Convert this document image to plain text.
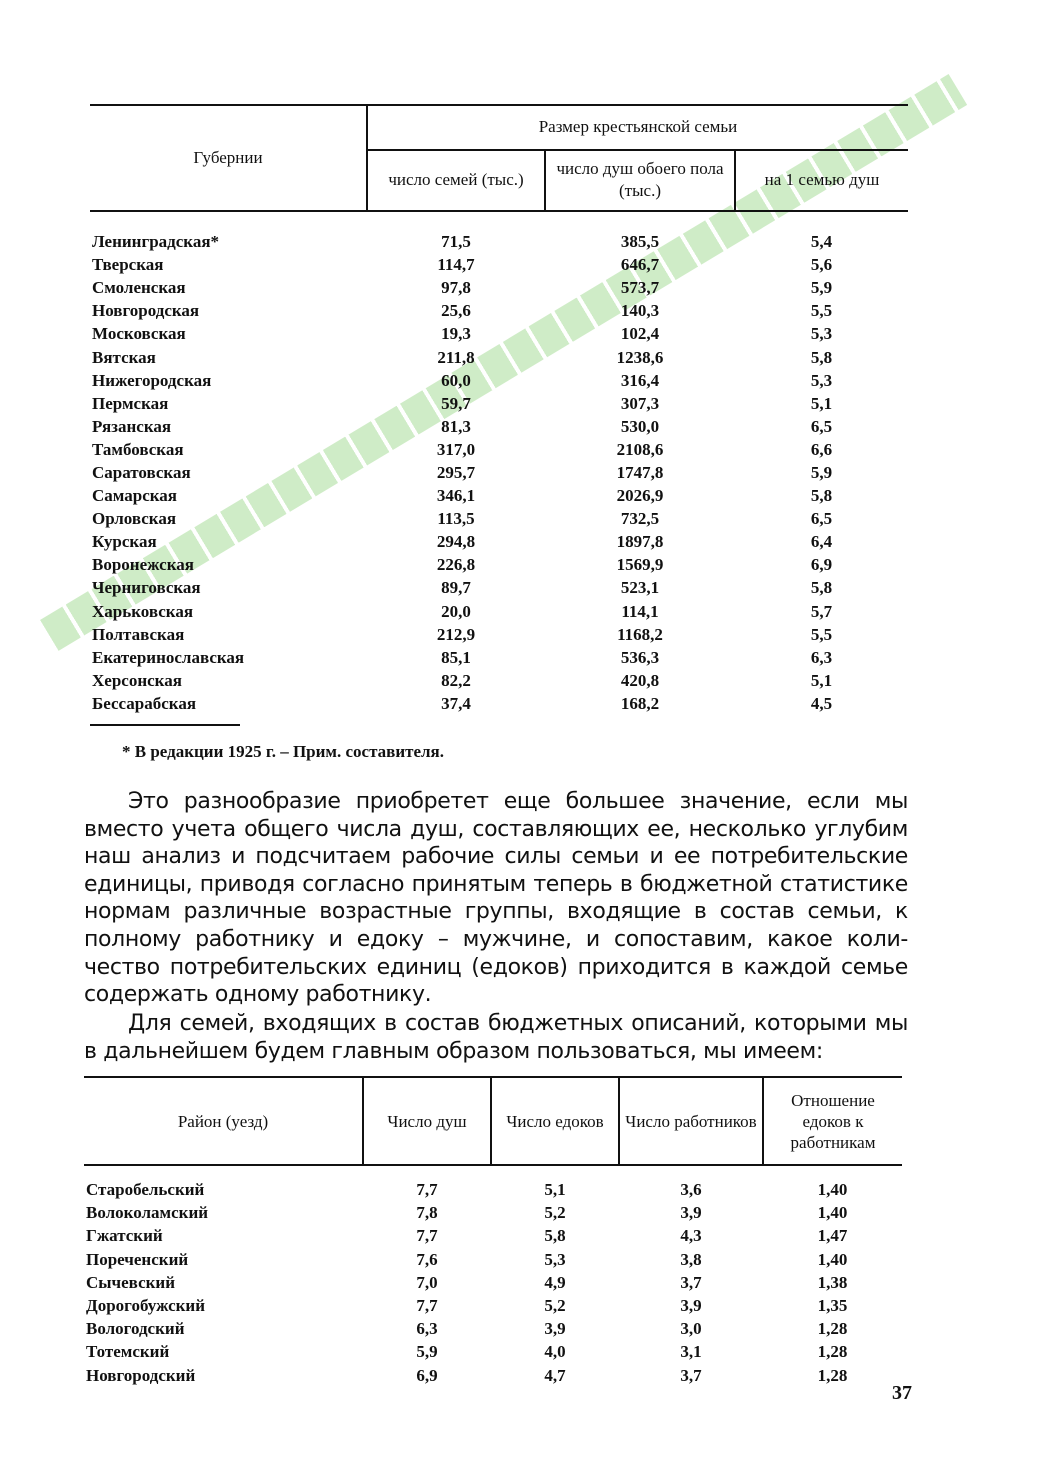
Губернии	Размер крестьянской семьи		
	число семей (тыс.)	число душ обоего пола (тыс.)	на 1 семью душ
Ленинградская*	71,5	385,5	5,4
Тверская	114,7	646,7	5,6
Смоленская	97,8	573,7	5,9
Новгородская	25,6	140,3	5,5
Московская	19,3	102,4	5,3
Вятская	211,8	1238,6	5,8
Нижегородская	60,0	316,4	5,3
Пермская	59,7	307,3	5,1
Рязанская	81,3	530,0	6,5
Тамбовская	317,0	2108,6	6,6
Саратовская	295,7	1747,8	5,9
Самарская	346,1	2026,9	5,8
Орловская	113,5	732,5	6,5
Курская	294,8	1897,8	6,4
Воронежская	226,8	1569,9	6,9
Черниговская	89,7	523,1	5,8
Харьковская	20,0	114,1	5,7
Полтавская	212,9	1168,2	5,5
Екатеринославская	85,1	536,3	6,3
Херсонская	82,2	420,8	5,1
Бессарабская	37,4	168,2	4,5
* В редакции 1925 г. – Прим. составителя.
Это разнообразие приобретет еще большее значение, если мы
вместо учета общего числа душ, составляющих ее, несколько углубим
наш анализ и подсчитаем рабочие силы семьи и ее потребительские
единицы, приводя согласно принятым теперь в бюджетной статистике
нормам различные возрастные группы, входящие в состав семьи, к
полному работнику и едоку – мужчине, и сопоставим, какое коли-
чество потребительских единиц (едоков) приходится в каждой семье
содержать одному работнику.
Для семей, входящих в состав бюджетных описаний, которыми мы
в дальнейшем будем главным образом пользоваться, мы имеем:
Район (уезд)	Число душ	Число едоков	Число работников	Отношение едоков к работникам
Старобельский	7,7	5,1	3,6	1,40
Волоколамский	7,8	5,2	3,9	1,40
Гжатский	7,7	5,8	4,3	1,47
Пореченский	7,6	5,3	3,8	1,40
Сычевский	7,0	4,9	3,7	1,38
Дорогобужский	7,7	5,2	3,9	1,35
Вологодский	6,3	3,9	3,0	1,28
Тотемский	5,9	4,0	3,1	1,28
Новгородский	6,9	4,7	3,7	1,28
37
